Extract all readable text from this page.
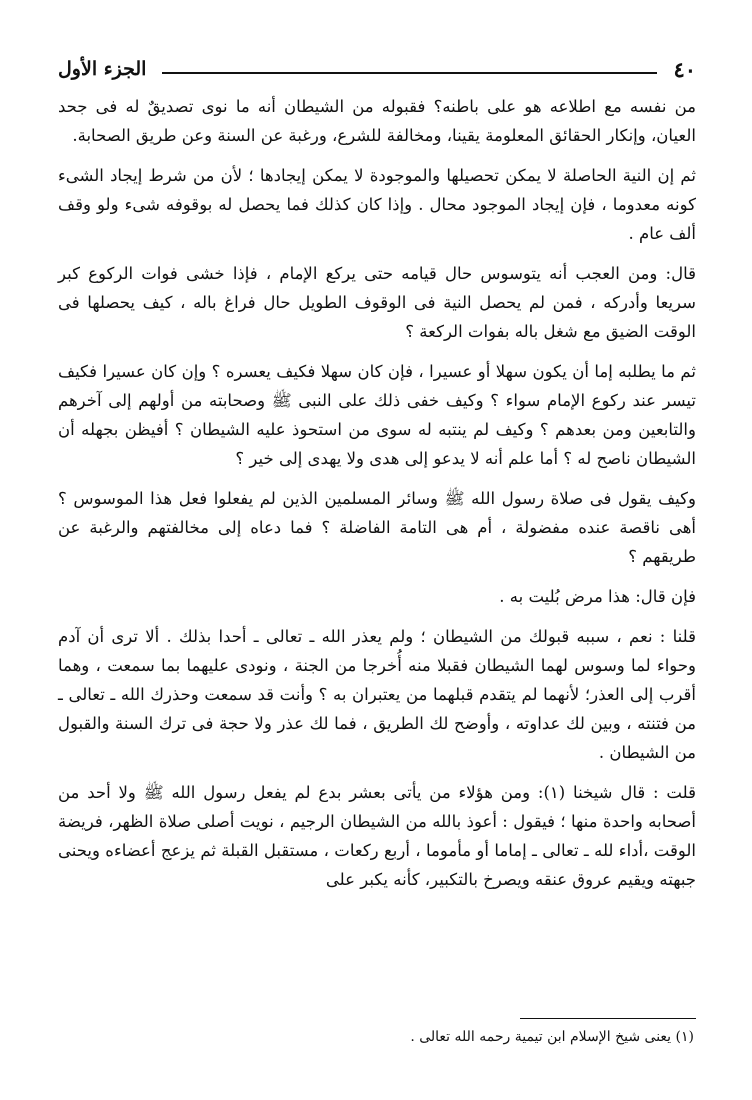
٤٠
الجزء الأول

من نفسه مع اطلاعه هو على باطنه؟ فقبوله من الشيطان أنه ما نوى تصديقٌ له فى جحد العيان، وإنكار الحقائق المعلومة يقينا، ومخالفة للشرع، ورغبة عن السنة وعن طريق الصحابة.

ثم إن النية الحاصلة لا يمكن تحصيلها والموجودة لا يمكن إيجادها ؛ لأن من شرط إيجاد الشىء كونه معدوما ، فإن إيجاد الموجود محال . وإذا كان كذلك فما يحصل له بوقوفه شىء ولو وقف ألف عام .

قال: ومن العجب أنه يتوسوس حال قيامه حتى يركع الإمام ، فإذا خشى فوات الركوع كبر سريعا وأدركه ، فمن لم يحصل النية فى الوقوف الطويل حال فراغ باله ، كيف يحصلها فى الوقت الضيق مع شغل باله بفوات الركعة ؟

ثم ما يطلبه إما أن يكون سهلا أو عسيرا ، فإن كان سهلا فكيف يعسره ؟ وإن كان عسيرا فكيف تيسر عند ركوع الإمام سواء ؟ وكيف خفى ذلك على النبى ﷺ وصحابته من أولهم إلى آخرهم والتابعين ومن بعدهم ؟ وكيف لم ينتبه له سوى من استحوذ عليه الشيطان ؟ أفيظن بجهله أن الشيطان ناصح له ؟ أما علم أنه لا يدعو إلى هدى ولا يهدى إلى خير ؟

وكيف يقول فى صلاة رسول الله ﷺ وسائر المسلمين الذين لم يفعلوا فعل هذا الموسوس ؟ أهى ناقصة عنده مفضولة ، أم هى التامة الفاضلة ؟ فما دعاه إلى مخالفتهم والرغبة عن طريقهم ؟

فإن قال: هذا مرض بُليت به .

قلنا : نعم ، سببه قبولك من الشيطان ؛ ولم يعذر الله ـ تعالى ـ أحدا بذلك . ألا ترى أن آدم وحواء لما وسوس لهما الشيطان فقبلا منه أُخرجا من الجنة ، ونودى عليهما بما سمعت ، وهما أقرب إلى العذر؛ لأنهما لم يتقدم قبلهما من يعتبران به ؟ وأنت قد سمعت وحذرك الله ـ تعالى ـ من فتنته ، وبين لك عداوته ، وأوضح لك الطريق ، فما لك عذر ولا حجة فى ترك السنة والقبول من الشيطان .

قلت : قال شيخنا (١): ومن هؤلاء من يأتى بعشر بدع لم يفعل رسول الله ﷺ ولا أحد من أصحابه واحدة منها ؛ فيقول : أعوذ بالله من الشيطان الرجيم ، نويت أصلى صلاة الظهر، فريضة الوقت ،أداء لله ـ تعالى ـ إماما أو مأموما ، أربع ركعات ، مستقبل القبلة ثم يزعج أعضاءه ويحنى جبهته ويقيم عروق عنقه ويصرخ بالتكبير، كأنه يكبر على

(١) يعنى شيخ الإسلام ابن تيمية رحمه الله تعالى .
